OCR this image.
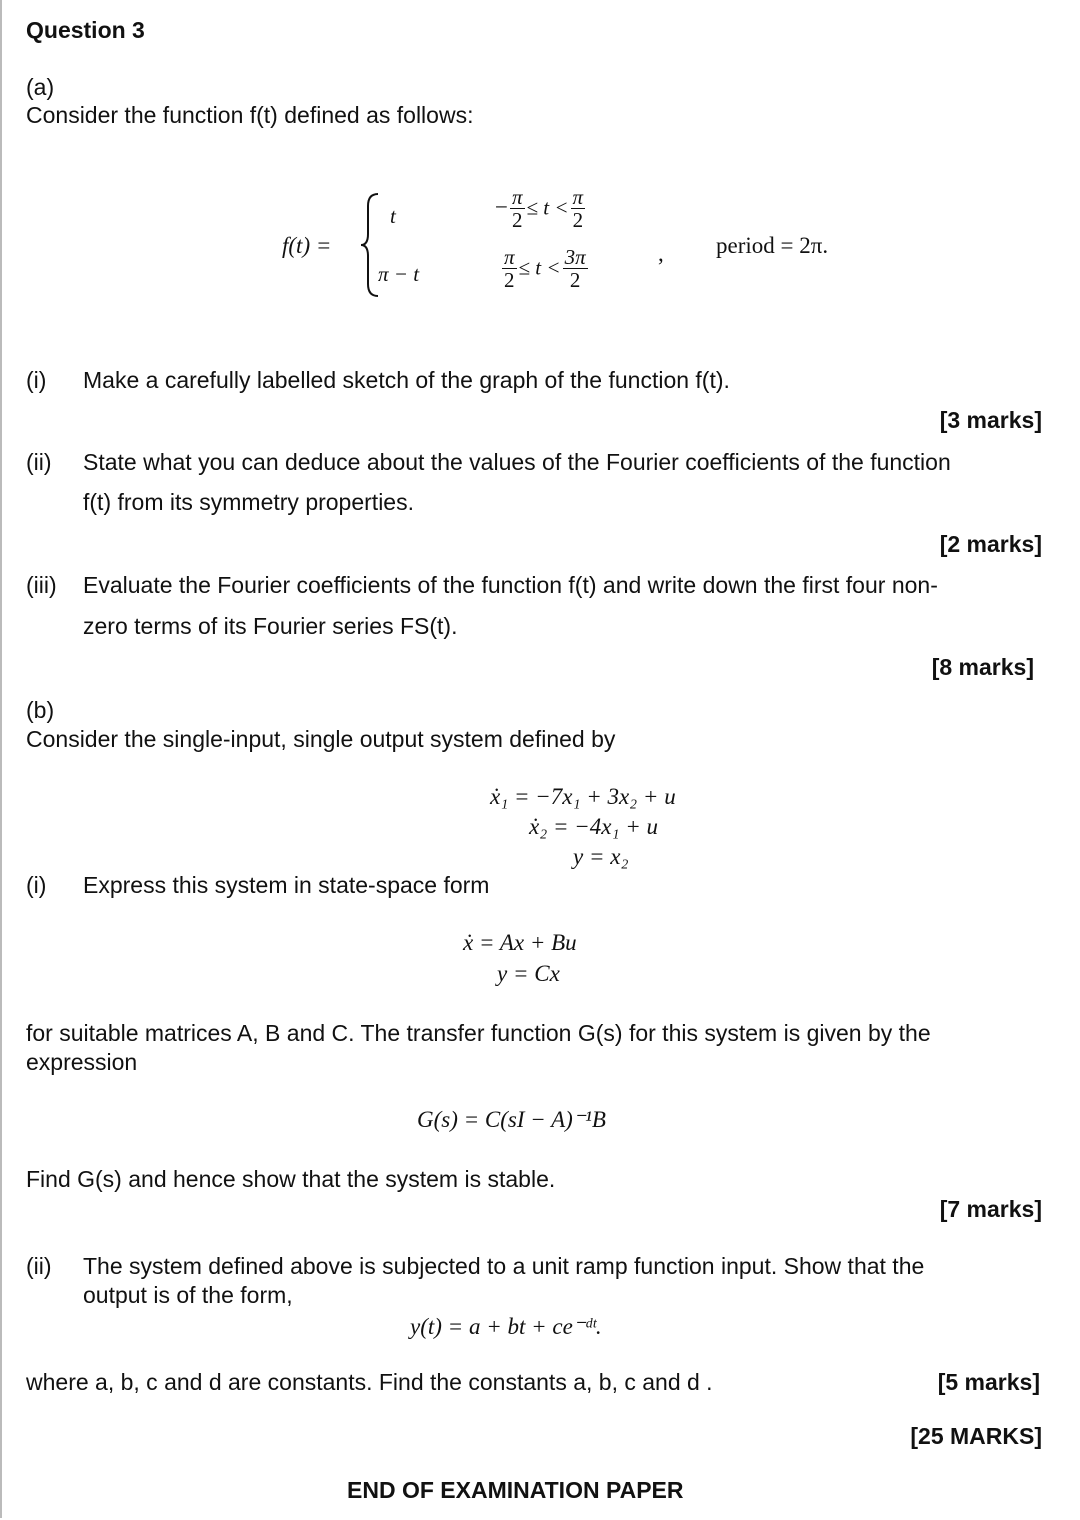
Question 3
(a)
Consider the function f(t) defined as follows:
f(t) =
t	− $\frac{\pi}{2} \le t < \frac{\pi}{2}$
π − t	$\frac{\pi}{2} \le t < \frac{3\pi}{2}$	, period = 2π.
(i) Make a carefully labelled sketch of the graph of the function f(t).
[3 marks]
(ii) State what you can deduce about the values of the Fourier coefficients of the function
f(t) from its symmetry properties.
[2 marks]
(iii) Evaluate the Fourier coefficients of the function f(t) and write down the first four non-
zero terms of its Fourier series FS(t).
[8 marks]
(b)
Consider the single-input, single output system defined by
ẋ₁ = −7x₁ + 3x₂ + u
ẋ₂ = −4x₁ + u
y = x₂
(i) Express this system in state-space form
ẋ = Ax + Bu
y = Cx
for suitable matrices A, B and C. The transfer function G(s) for this system is given by the
expression
G(s) = C(sI − A)⁻¹B
Find G(s) and hence show that the system is stable.
[7 marks]
(ii) The system defined above is subjected to a unit ramp function input. Show that the
output is of the form,
y(t) = a + bt + ce⁻ᵈᵗ.
where a, b, c and d are constants. Find the constants a, b, c and d .	[5 marks]
[25 MARKS]
END OF EXAMINATION PAPER
